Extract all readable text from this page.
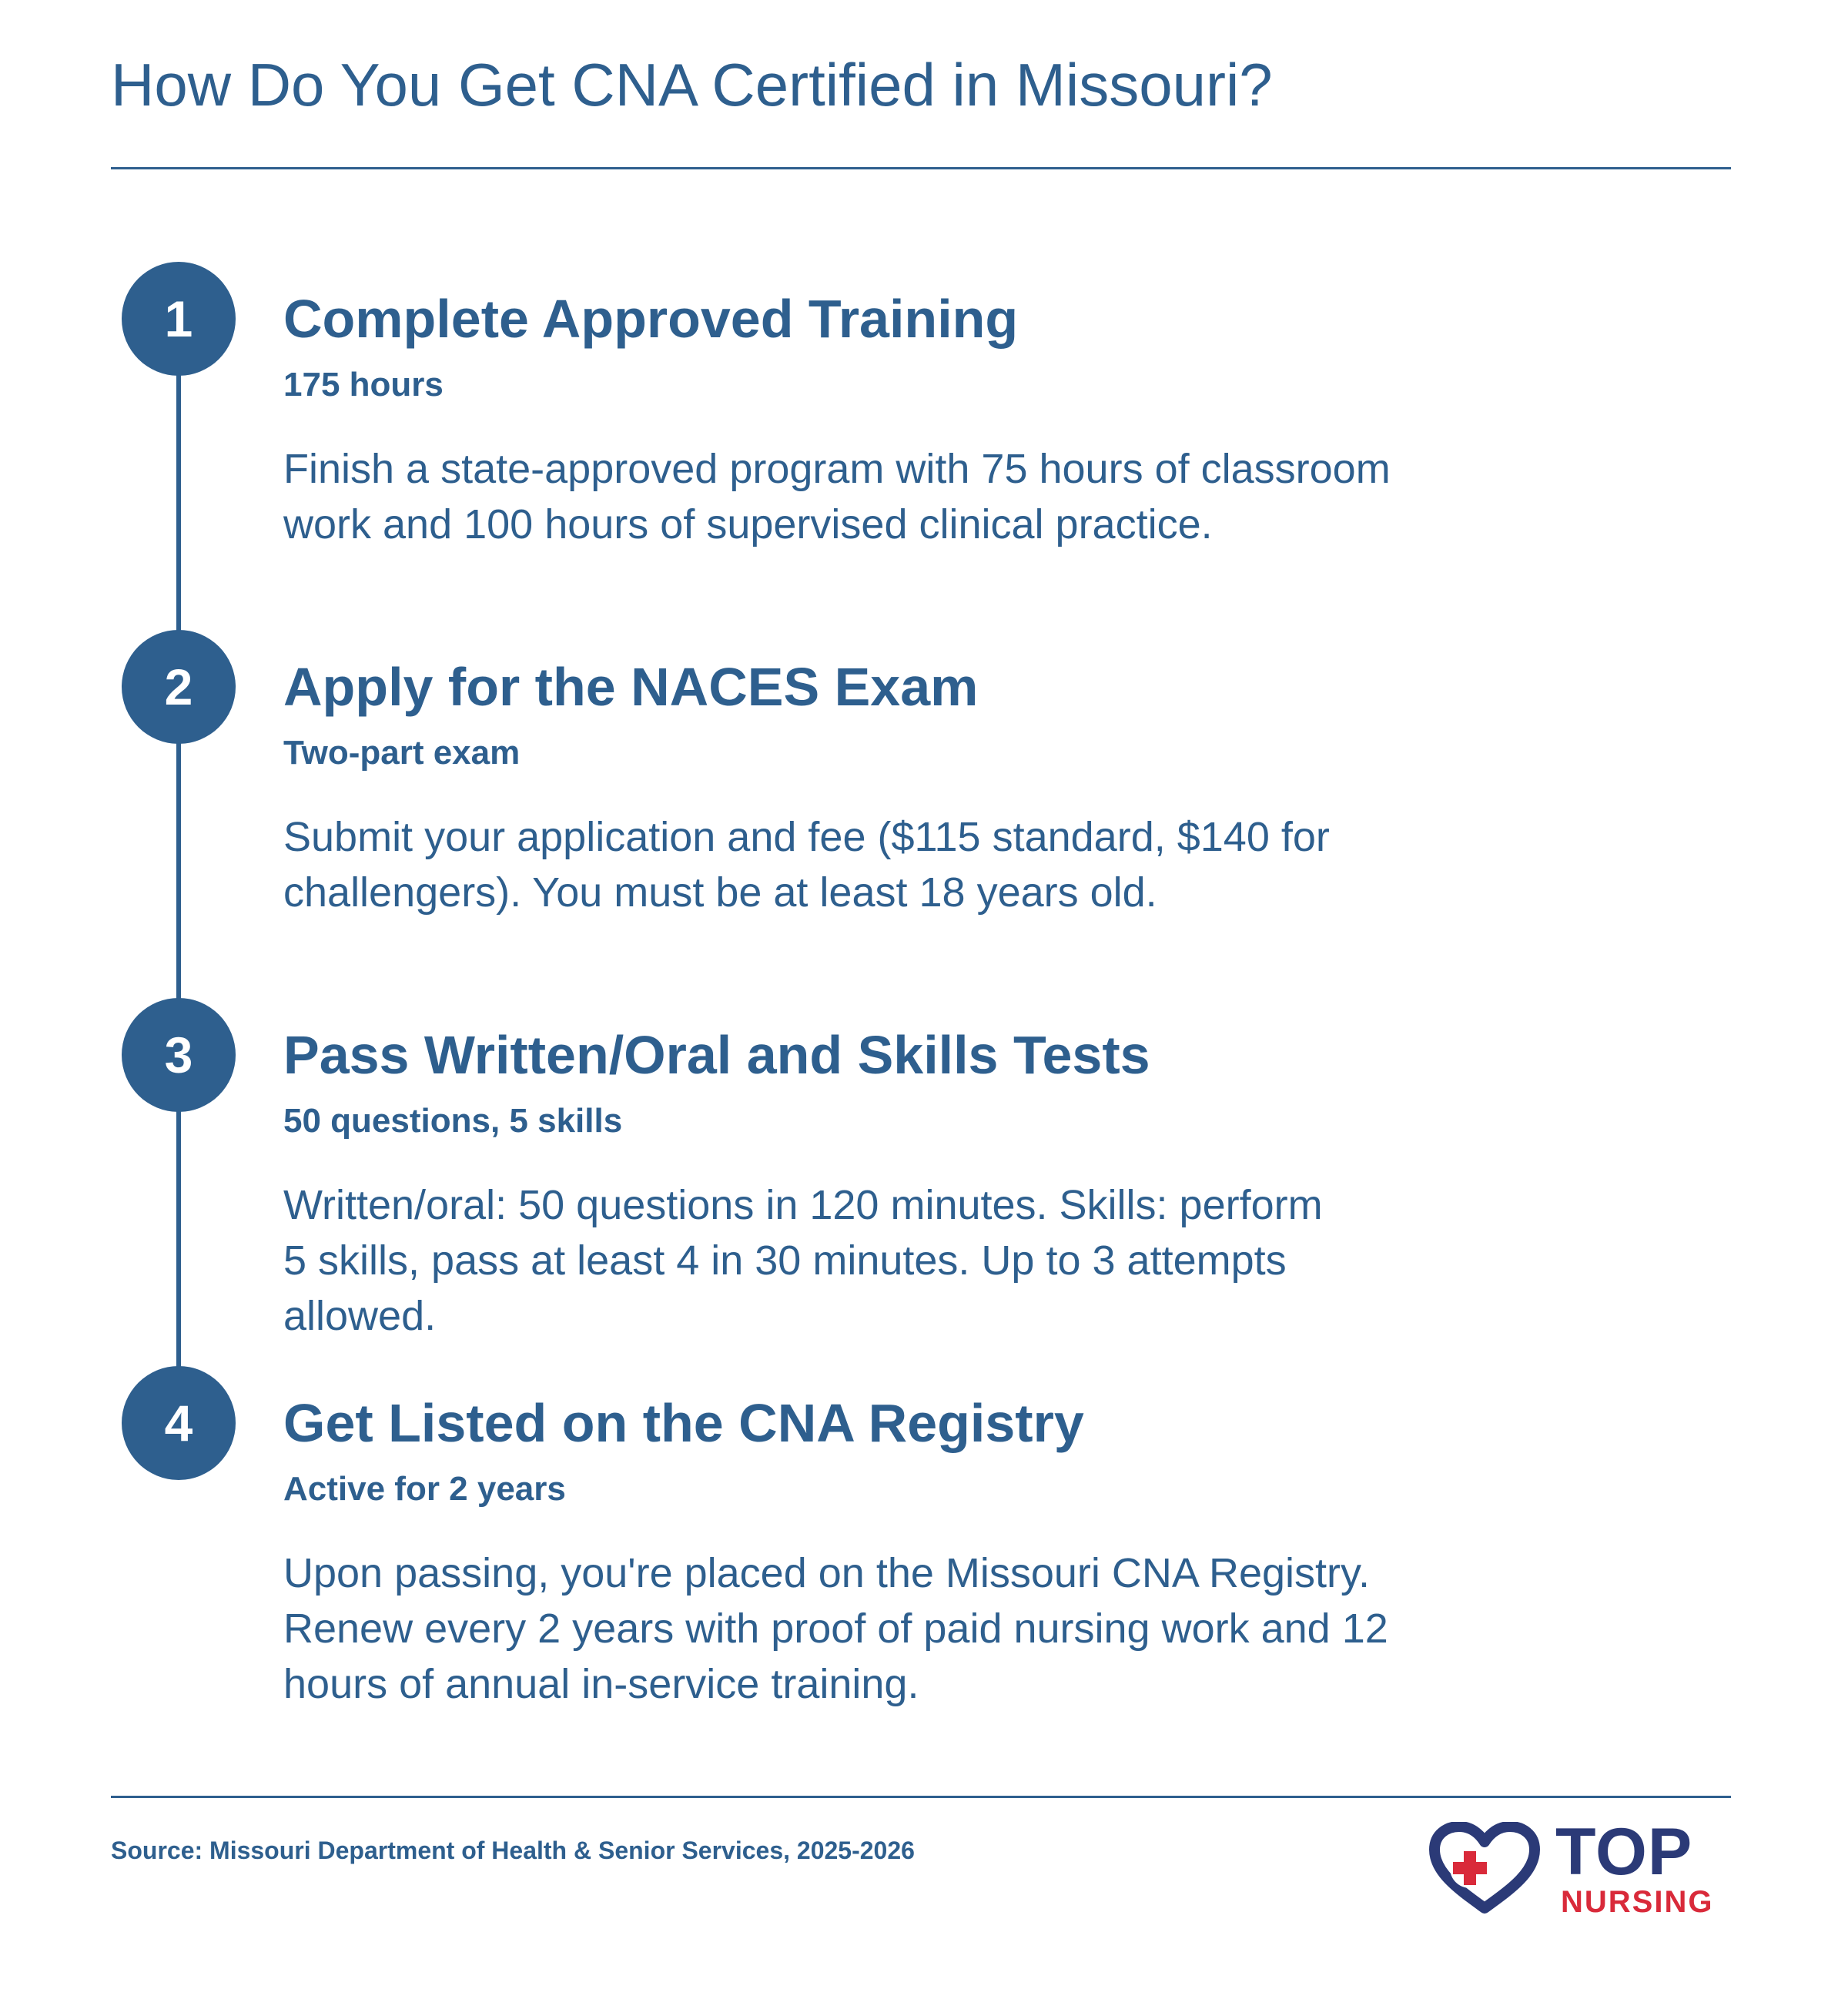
How Do You Get CNA Certified in Missouri?
1	Complete Approved Training
175 hours

Finish a state-approved program with 75 hours of classroom
work and 100 hours of supervised clinical practice.

2	Apply for the NACES Exam
Two-part exam

Submit your application and fee ($115 standard, $140 for
challengers). You must be at least 18 years old.

3	Pass Written/Oral and Skills Tests
50 questions, 5 skills

Written/oral: 50 questions in 120 minutes. Skills: perform
5 skills, pass at least 4 in 30 minutes. Up to 3 attempts
allowed.

4	Get Listed on the CNA Registry
Active for 2 years

Upon passing, you're placed on the Missouri CNA Registry.
Renew every 2 years with proof of paid nursing work and 12
hours of annual in-service training.

Source: Missouri Department of Health & Senior Services, 2025-2026	TOP
NURSING
